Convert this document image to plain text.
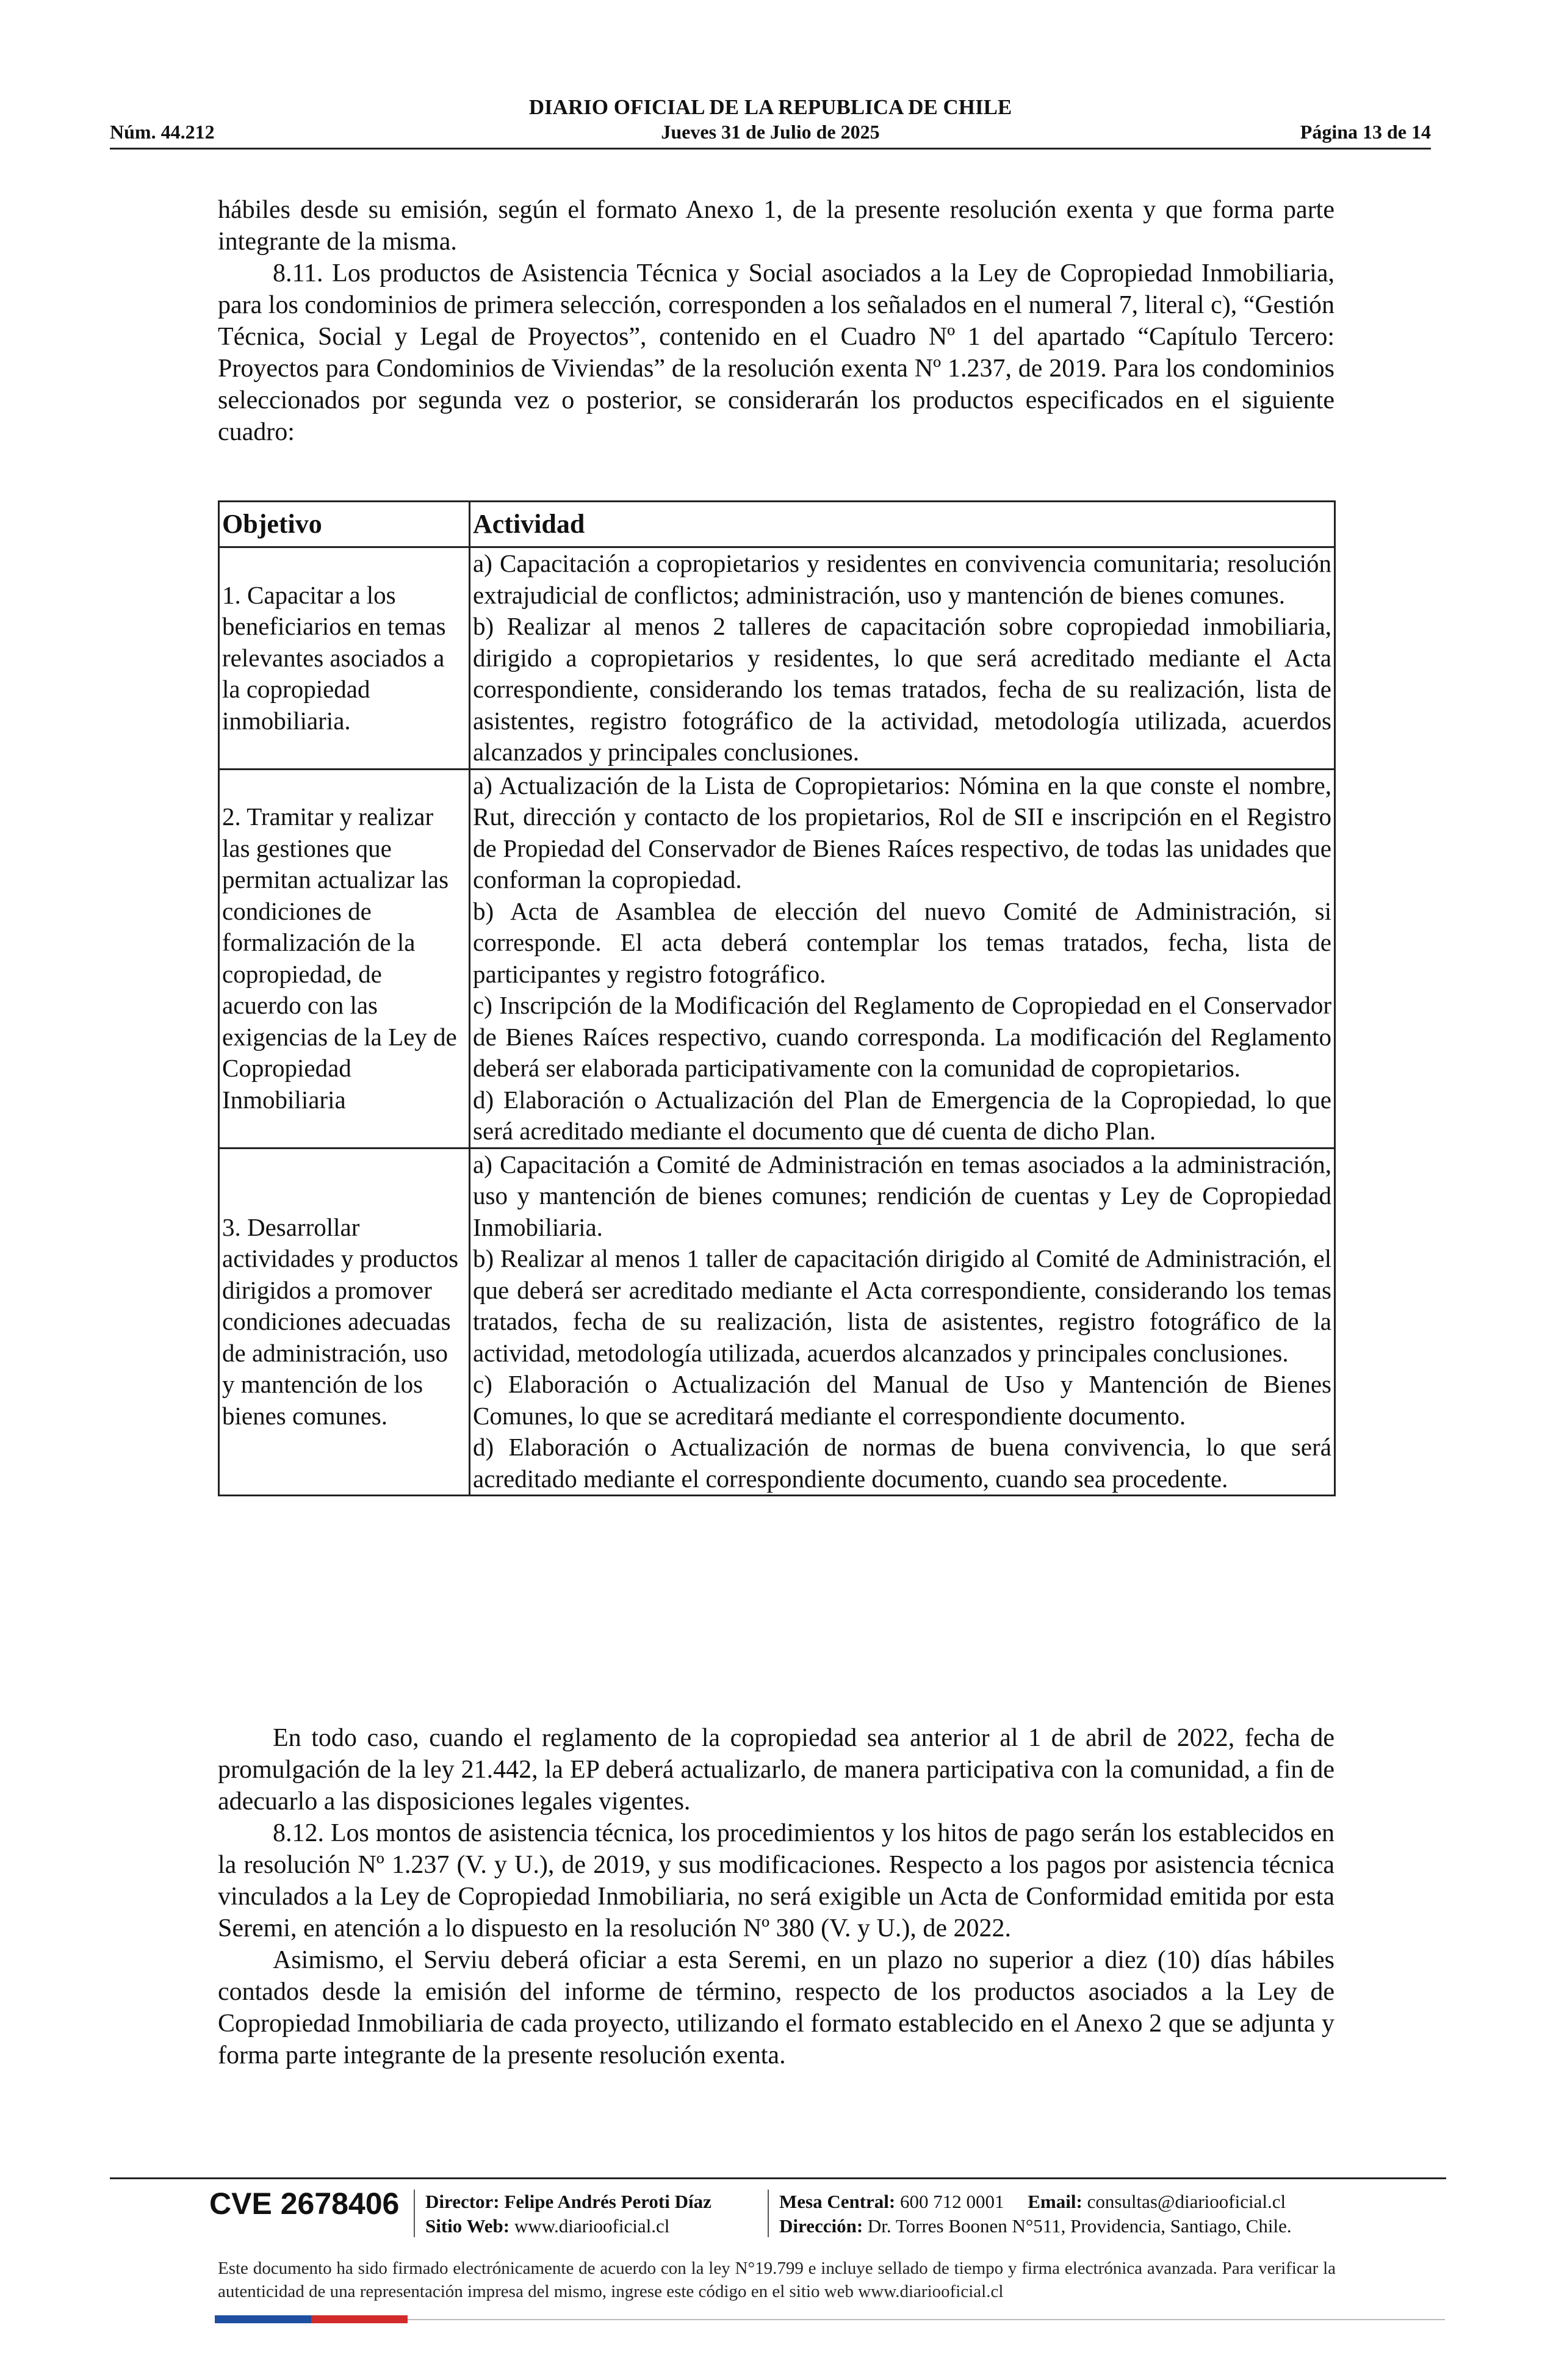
DIARIO OFICIAL DE LA REPUBLICA DE CHILE
Núm. 44.212	Jueves 31 de Julio de 2025	Página 13 de 14

hábiles desde su emisión, según el formato Anexo 1, de la presente resolución exenta y que forma parte integrante de la misma.

8.11. Los productos de Asistencia Técnica y Social asociados a la Ley de Copropiedad Inmobiliaria, para los condominios de primera selección, corresponden a los señalados en el numeral 7, literal c), “Gestión Técnica, Social y Legal de Proyectos”, contenido en el Cuadro Nº 1 del apartado “Capítulo Tercero: Proyectos para Condominios de Viviendas” de la resolución exenta Nº 1.237, de 2019. Para los condominios seleccionados por segunda vez o posterior, se considerarán los productos especificados en el siguiente cuadro:

Objetivo	Actividad
1. Capacitar a los beneficiarios en temas relevantes asociados a la copropiedad inmobiliaria.	a) Capacitación a copropietarios y residentes en convivencia comunitaria; resolución extrajudicial de conflictos; administración, uso y mantención de bienes comunes.
b) Realizar al menos 2 talleres de capacitación sobre copropiedad inmobiliaria, dirigido a copropietarios y residentes, lo que será acreditado mediante el Acta correspondiente, considerando los temas tratados, fecha de su realización, lista de asistentes, registro fotográfico de la actividad, metodología utilizada, acuerdos alcanzados y principales conclusiones.

2. Tramitar y realizar las gestiones que permitan actualizar las condiciones de formalización de la copropiedad, de acuerdo con las exigencias de la Ley de Copropiedad Inmobiliaria	a) Actualización de la Lista de Copropietarios: Nómina en la que conste el nombre, Rut, dirección y contacto de los propietarios, Rol de SII e inscripción en el Registro de Propiedad del Conservador de Bienes Raíces respectivo, de todas las unidades que conforman la copropiedad.
b) Acta de Asamblea de elección del nuevo Comité de Administración, si corresponde. El acta deberá contemplar los temas tratados, fecha, lista de participantes y registro fotográfico.
c) Inscripción de la Modificación del Reglamento de Copropiedad en el Conservador de Bienes Raíces respectivo, cuando corresponda. La modificación del Reglamento deberá ser elaborada participativamente con la comunidad de copropietarios.
d) Elaboración o Actualización del Plan de Emergencia de la Copropiedad, lo que será acreditado mediante el documento que dé cuenta de dicho Plan.

3. Desarrollar actividades y productos dirigidos a promover condiciones adecuadas de administración, uso y mantención de los bienes comunes.	a) Capacitación a Comité de Administración en temas asociados a la administración, uso y mantención de bienes comunes; rendición de cuentas y Ley de Copropiedad Inmobiliaria.
b) Realizar al menos 1 taller de capacitación dirigido al Comité de Administración, el que deberá ser acreditado mediante el Acta correspondiente, considerando los temas tratados, fecha de su realización, lista de asistentes, registro fotográfico de la actividad, metodología utilizada, acuerdos alcanzados y principales conclusiones.
c) Elaboración o Actualización del Manual de Uso y Mantención de Bienes Comunes, lo que se acreditará mediante el correspondiente documento.
d) Elaboración o Actualización de normas de buena convivencia, lo que será acreditado mediante el correspondiente documento, cuando sea procedente.

En todo caso, cuando el reglamento de la copropiedad sea anterior al 1 de abril de 2022, fecha de promulgación de la ley 21.442, la EP deberá actualizarlo, de manera participativa con la comunidad, a fin de adecuarlo a las disposiciones legales vigentes.

8.12. Los montos de asistencia técnica, los procedimientos y los hitos de pago serán los establecidos en la resolución Nº 1.237 (V. y U.), de 2019, y sus modificaciones. Respecto a los pagos por asistencia técnica vinculados a la Ley de Copropiedad Inmobiliaria, no será exigible un Acta de Conformidad emitida por esta Seremi, en atención a lo dispuesto en la resolución Nº 380 (V. y U.), de 2022.

Asimismo, el Serviu deberá oficiar a esta Seremi, en un plazo no superior a diez (10) días hábiles contados desde la emisión del informe de término, respecto de los productos asociados a la Ley de Copropiedad Inmobiliaria de cada proyecto, utilizando el formato establecido en el Anexo 2 que se adjunta y forma parte integrante de la presente resolución exenta.

CVE 2678406 Director: Felipe Andrés Peroti Díaz
Sitio Web: www.diariooficial.cl
Mesa Central: 600 712 0001 Email: consultas@diariooficial.cl
Dirección: Dr. Torres Boonen N°511, Providencia, Santiago, Chile.
Este documento ha sido firmado electrónicamente de acuerdo con la ley N°19.799 e incluye sellado de tiempo y firma electrónica avanzada. Para verificar la autenticidad de una representación impresa del mismo, ingrese este código en el sitio web www.diariooficial.cl
